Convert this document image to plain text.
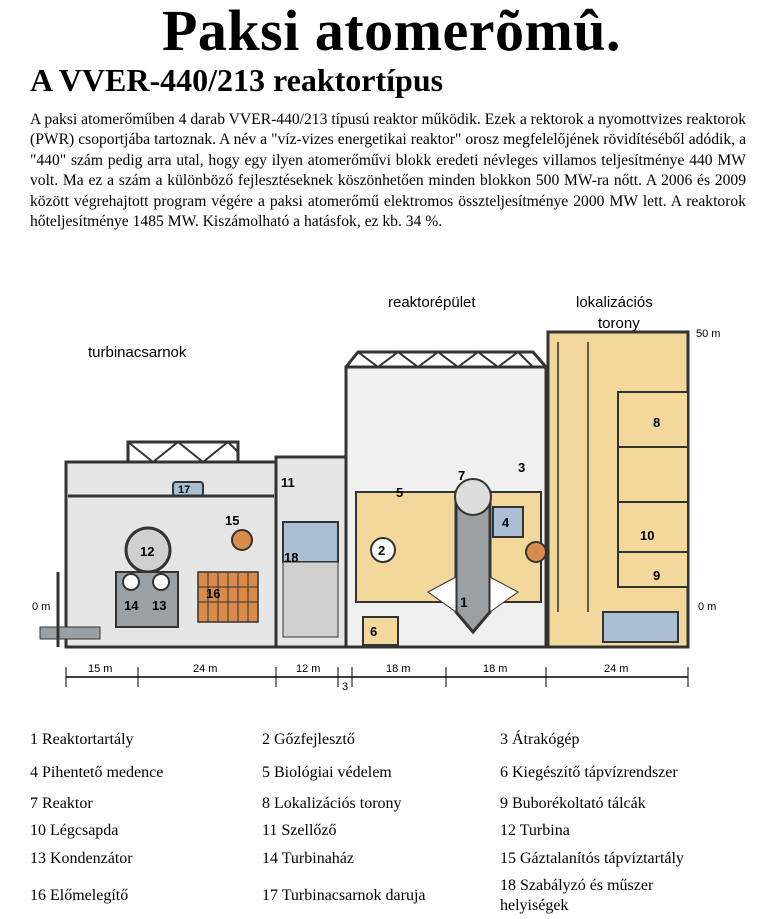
Paksi atomerõmû.
A VVER-440/213 reaktortípus
A paksi atomerőműben 4 darab VVER-440/213 típusú reaktor működik. Ezek a rektorok a nyomottvizes reaktorok (PWR) csoportjába tartoznak. A név a "víz-vizes energetikai reaktor" orosz megfelelőjének rövidítéséből adódik, a "440" szám pedig arra utal, hogy egy ilyen atomerőművi blokk eredeti névleges villamos teljesítménye 440 MW volt. Ma ez a szám a különböző fejlesztéseknek köszönhetően minden blokkon 500 MW-ra nőtt. A 2006 és 2009 között végrehajtott program végére a paksi atomerőmű elektromos összteljesítménye 2000 MW lett. A reaktorok hőteljesítménye 1485 MW. Kiszámolható a hatásfok, ez kb. 34 %.
turbinacsarnok
reaktorépület	lokalizációs
torony
50 m
0 m	0 m
1
2
3
4
5
6
7
8
9
10
11
12
13
14
15
16
17
18
15 m	24 m	12 m
3
18 m	18 m	24 m
1 Reaktortartály	2 Gőzfejlesztő	3 Átrakógép
4 Pihentető medence	5 Biológiai védelem	6 Kiegészítő tápvízrendszer
7 Reaktor	8 Lokalizációs torony	9 Buborékoltató tálcák
10 Légcsapda	11 Szellőző	12 Turbina
13 Kondenzátor	14 Turbinaház	15 Gáztalanítós tápvíztartály
16 Előmelegítő	17 Turbinacsarnok daruja
18 Szabályzó és műszer
helyiségek
